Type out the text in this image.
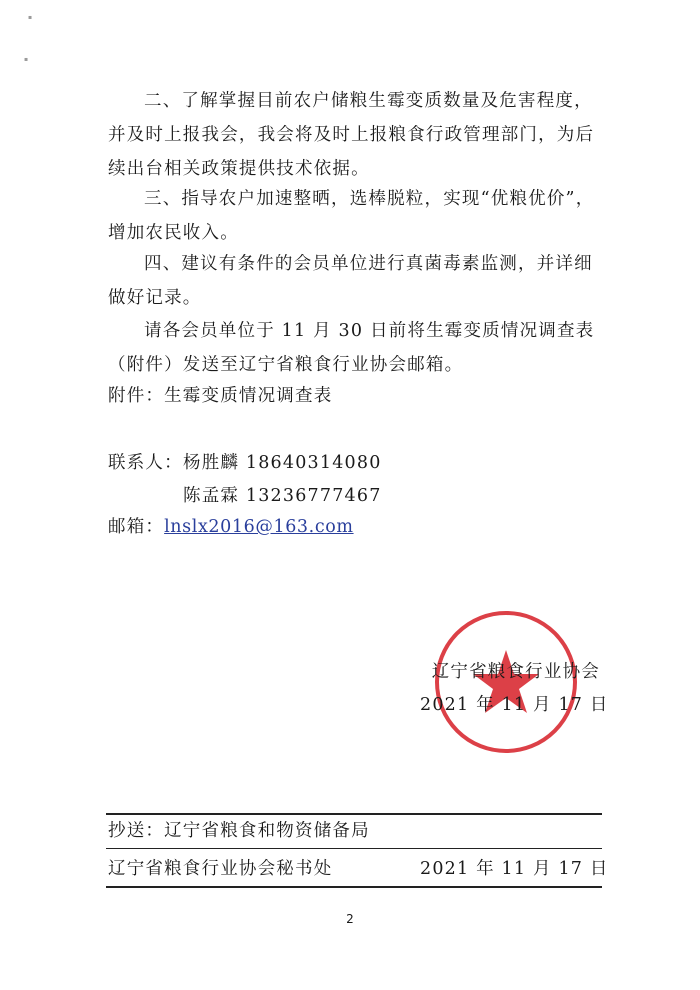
▪
▪

二、了解掌握目前农户储粮生霉变质数量及危害程度，并及时上报我会，我会将及时上报粮食行政管理部门，为后续出台相关政策提供技术依据。

三、指导农户加速整晒，选棒脱粒，实现“优粮优价”，增加农民收入。

四、建议有条件的会员单位进行真菌毒素监测，并详细做好记录。

请各会员单位于 11 月 30 日前将生霉变质情况调查表（附件）发送至辽宁省粮食行业协会邮箱。

附件：生霉变质情况调查表
联系人： 杨胜麟 18640314080
陈孟霖 13236777467
邮箱：lnslx2016@163.com
辽宁省粮食行业协会
2021 年 11 月 17 日
抄送：辽宁省粮食和物资储备局
辽宁省粮食行业协会秘书处	2021 年 11 月 17 日
2
